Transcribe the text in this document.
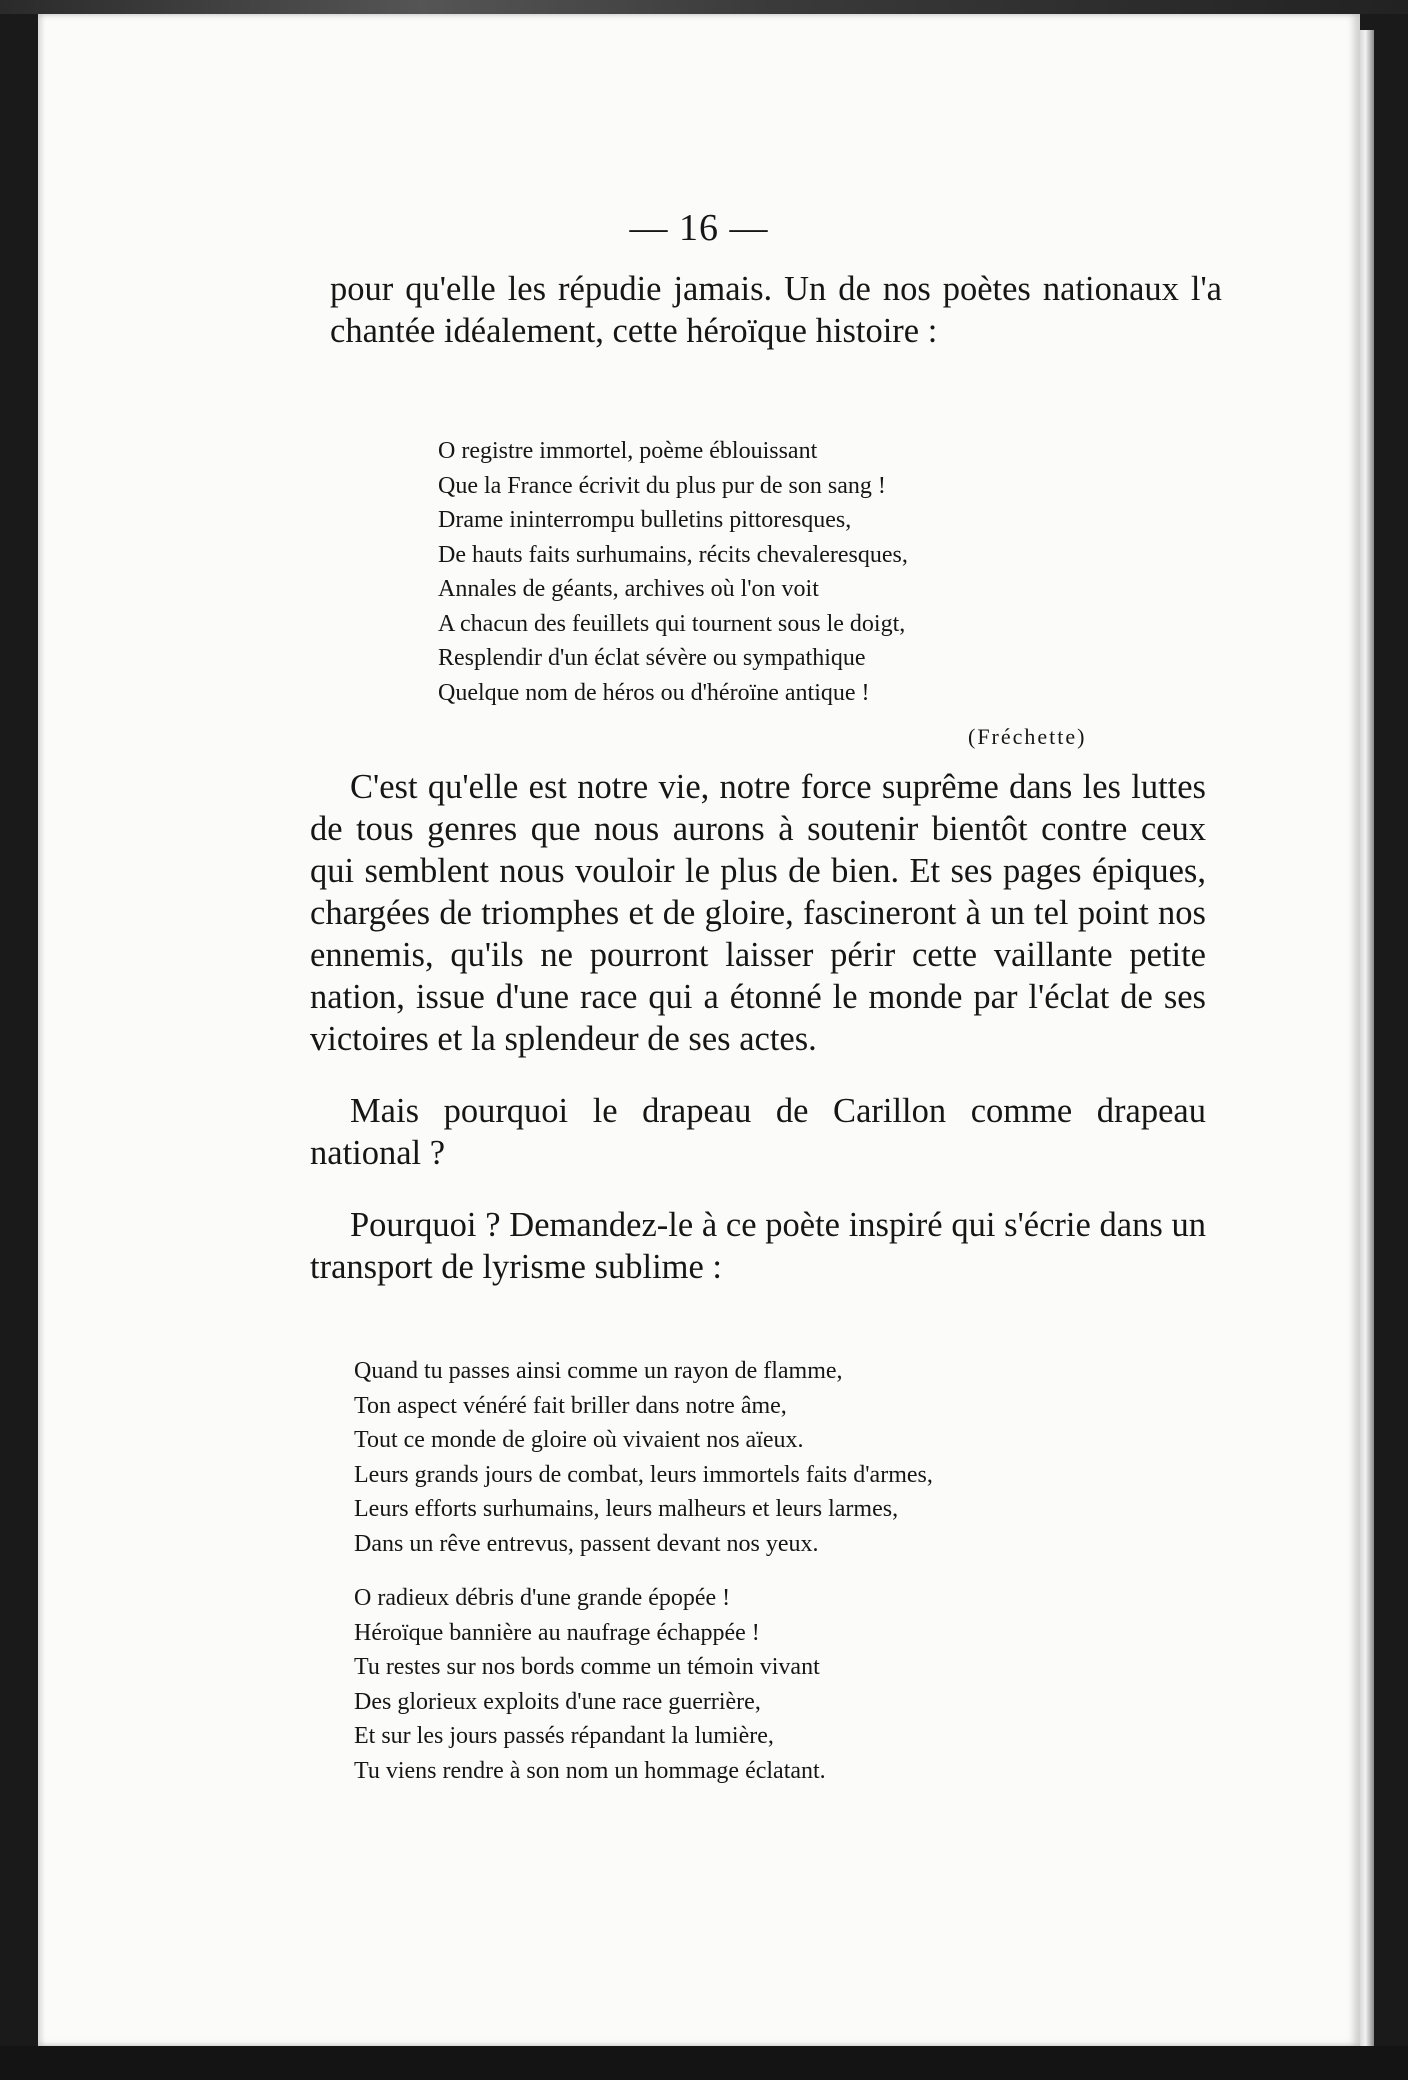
— 16 —

pour qu'elle les répudie jamais. Un de nos poètes nationaux l'a chantée idéalement, cette héroïque histoire :

O registre immortel, poème éblouissant
Que la France écrivit du plus pur de son sang !
Drame ininterrompu bulletins pittoresques,
De hauts faits surhumains, récits chevaleresques,
Annales de géants, archives où l'on voit
A chacun des feuillets qui tournent sous le doigt,
Resplendir d'un éclat sévère ou sympathique
Quelque nom de héros ou d'héroïne antique !
(Fréchette)

C'est qu'elle est notre vie, notre force suprême dans les luttes de tous genres que nous aurons à soutenir bientôt contre ceux qui semblent nous vouloir le plus de bien. Et ses pages épiques, chargées de triomphes et de gloire, fascineront à un tel point nos ennemis, qu'ils ne pourront laisser périr cette vaillante petite nation, issue d'une race qui a étonné le monde par l'éclat de ses victoires et la splendeur de ses actes.

Mais pourquoi le drapeau de Carillon comme drapeau national ?

Pourquoi ? Demandez-le à ce poète inspiré qui s'écrie dans un transport de lyrisme sublime :

Quand tu passes ainsi comme un rayon de flamme,
Ton aspect vénéré fait briller dans notre âme,
Tout ce monde de gloire où vivaient nos aïeux.
Leurs grands jours de combat, leurs immortels faits d'armes,
Leurs efforts surhumains, leurs malheurs et leurs larmes,
Dans un rêve entrevus, passent devant nos yeux.
O radieux débris d'une grande épopée !
Héroïque bannière au naufrage échappée !
Tu restes sur nos bords comme un témoin vivant
Des glorieux exploits d'une race guerrière,
Et sur les jours passés répandant la lumière,
Tu viens rendre à son nom un hommage éclatant.
